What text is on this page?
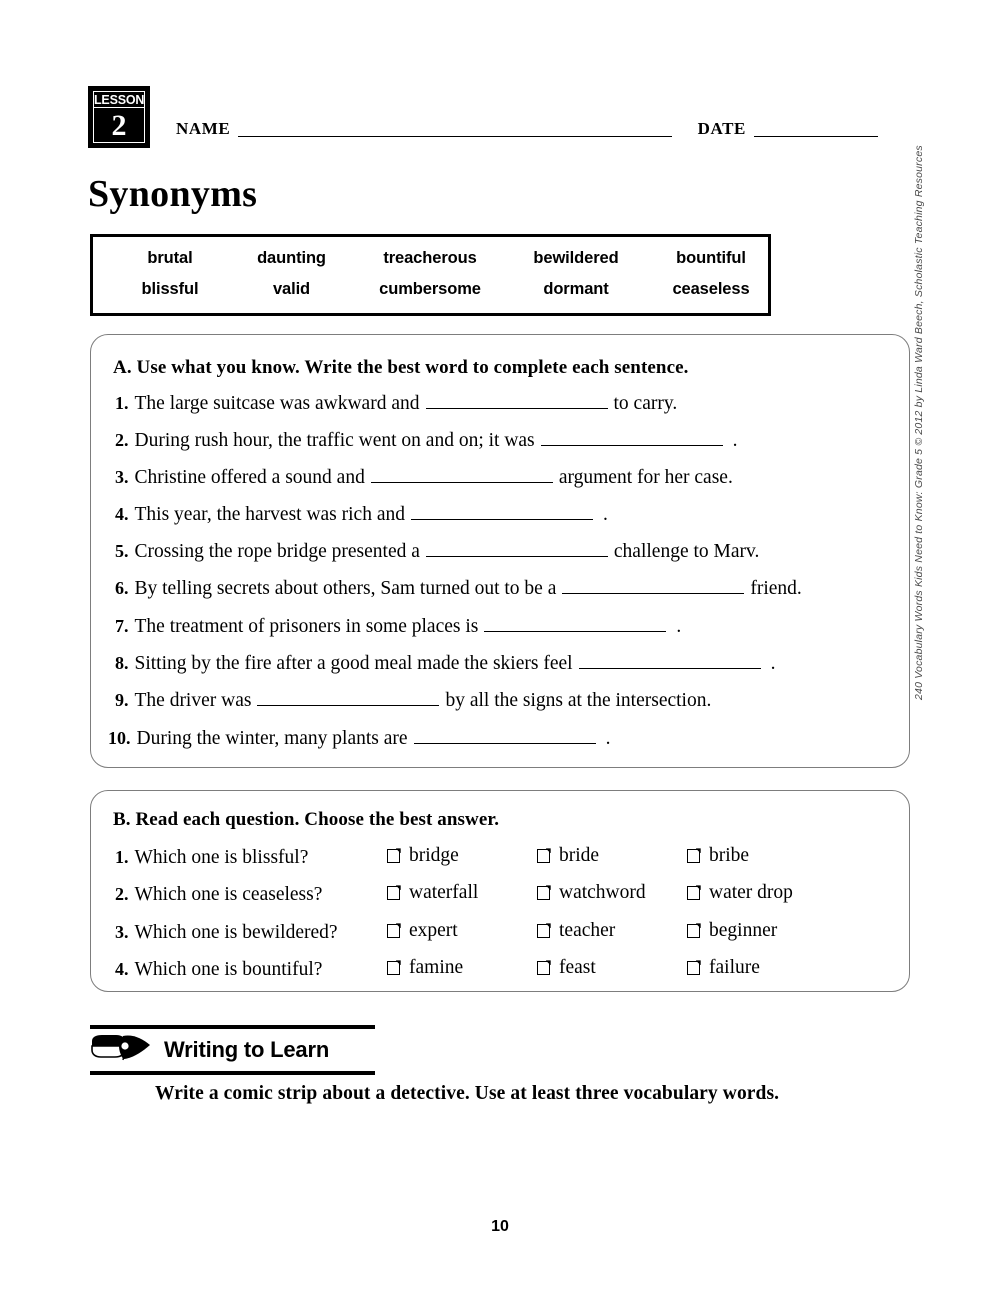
LESSON
2	NAME	DATE
Synonyms
brutal	daunting	treacherous	bewildered	bountiful
blissful	valid	cumbersome	dormant	ceaseless
A. Use what you know. Write the best word to complete each sentence.
1. The large suitcase was awkward and	to carry.
2. During rush hour, the traffic went on and on; it was	.
3. Christine offered a sound and	argument for her case.
4. This year, the harvest was rich and	.
5. Crossing the rope bridge presented a	challenge to Marv.
6. By telling secrets about others, Sam turned out to be a	friend.
7. The treatment of prisoners in some places is	.
8. Sitting by the fire after a good meal made the skiers feel	.
9. The driver was	by all the signs at the intersection.
10. During the winter, many plants are	.
B. Read each question. Choose the best answer.
1. Which one is blissful?	bridge	bride	bribe
2. Which one is ceaseless?	waterfall	watchword	water drop
3. Which one is bewildered?	expert	teacher	beginner
4. Which one is bountiful?	famine	feast	failure
Writing to Learn
Write a comic strip about a detective. Use at least three vocabulary words.
240 Vocabulary Words Kids Need to Know: Grade 5 © 2012 by Linda Ward Beech, Scholastic Teaching Resources
10
